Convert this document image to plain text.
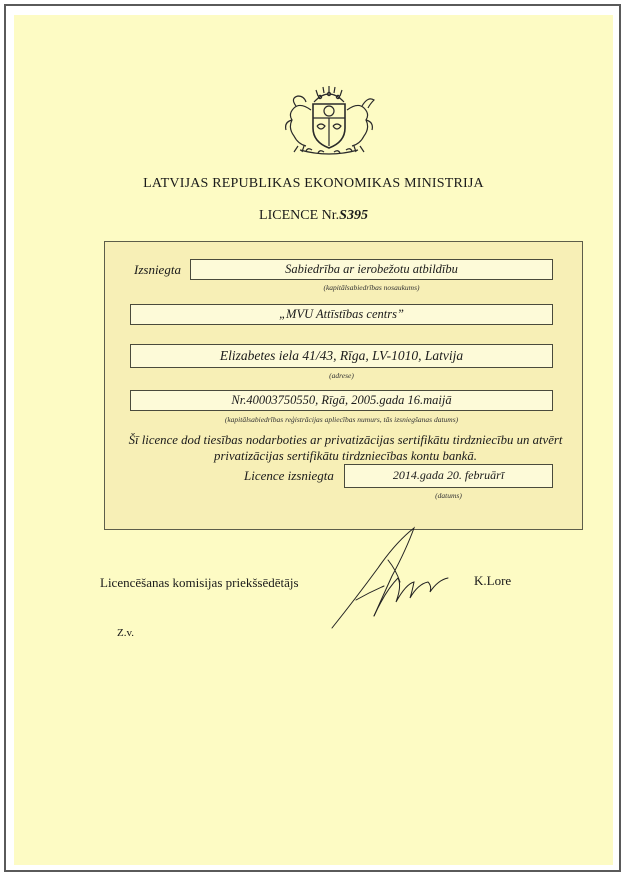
LATVIJAS REPUBLIKAS EKONOMIKAS MINISTRIJA
LICENCE Nr.S395
Izsniegta	Sabiedrība ar ierobežotu atbildību
(kapitālsabiedrības nosaukums)
„MVU Attīstības centrs”
Elizabetes iela 41/43, Rīga, LV-1010, Latvija
(adrese)
Nr.40003750550, Rīgā, 2005.gada 16.maijā
(kapitālsabiedrības reģistrācijas apliecības numurs, tās izsniegšanas datums)
Šī licence dod tiesības nodarboties ar privatizācijas sertifikātu tirdzniecību un atvērt privatizācijas sertifikātu tirdzniecības kontu bankā.
Licence izsniegta	2014.gada 20. februārī
(datums)
Licencēšanas komisijas priekšsēdētājs	K.Lore
Z.v.
